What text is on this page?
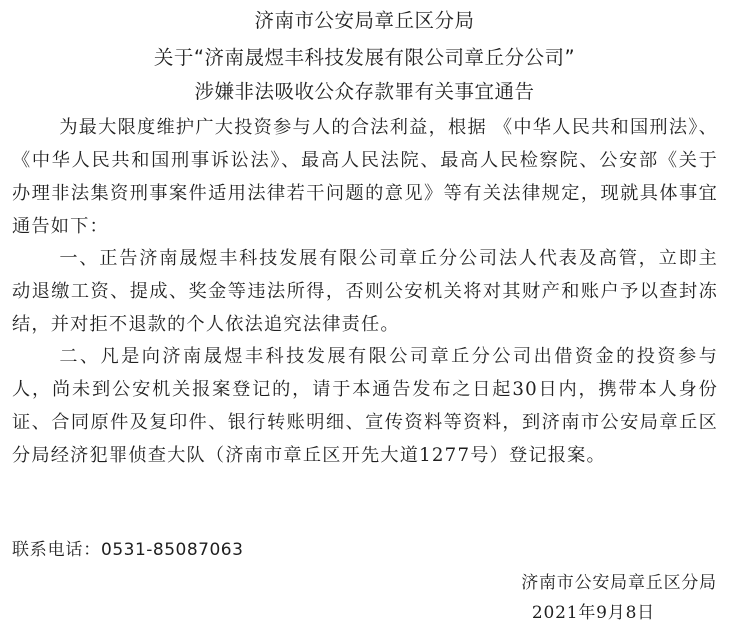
济南市公安局章丘区分局
关于“济南晟煜丰科技发展有限公司章丘分公司”
涉嫌非法吸收公众存款罪有关事宜通告

为最大限度维护广大投资参与人的合法利益，根据 《中华人民共和国刑法》、《中华人民共和国刑事诉讼法》、最高人民法院、最高人民检察院、公安部《关于办理非法集资刑事案件适用法律若干问题的意见》等有关法律规定，现就具体事宜通告如下：

一、正告济南晟煜丰科技发展有限公司章丘分公司法人代表及高管，立即主动退缴工资、提成、奖金等违法所得，否则公安机关将对其财产和账户予以查封冻结，并对拒不退款的个人依法追究法律责任。

二、凡是向济南晟煜丰科技发展有限公司章丘分公司出借资金的投资参与人，尚未到公安机关报案登记的，请于本通告发布之日起30日内，携带本人身份证、合同原件及复印件、银行转账明细、宣传资料等资料，到济南市公安局章丘区分局经济犯罪侦查大队（济南市章丘区开先大道1277号）登记报案。

联系电话：0531-85087063
济南市公安局章丘区分局
2021年9月8日
